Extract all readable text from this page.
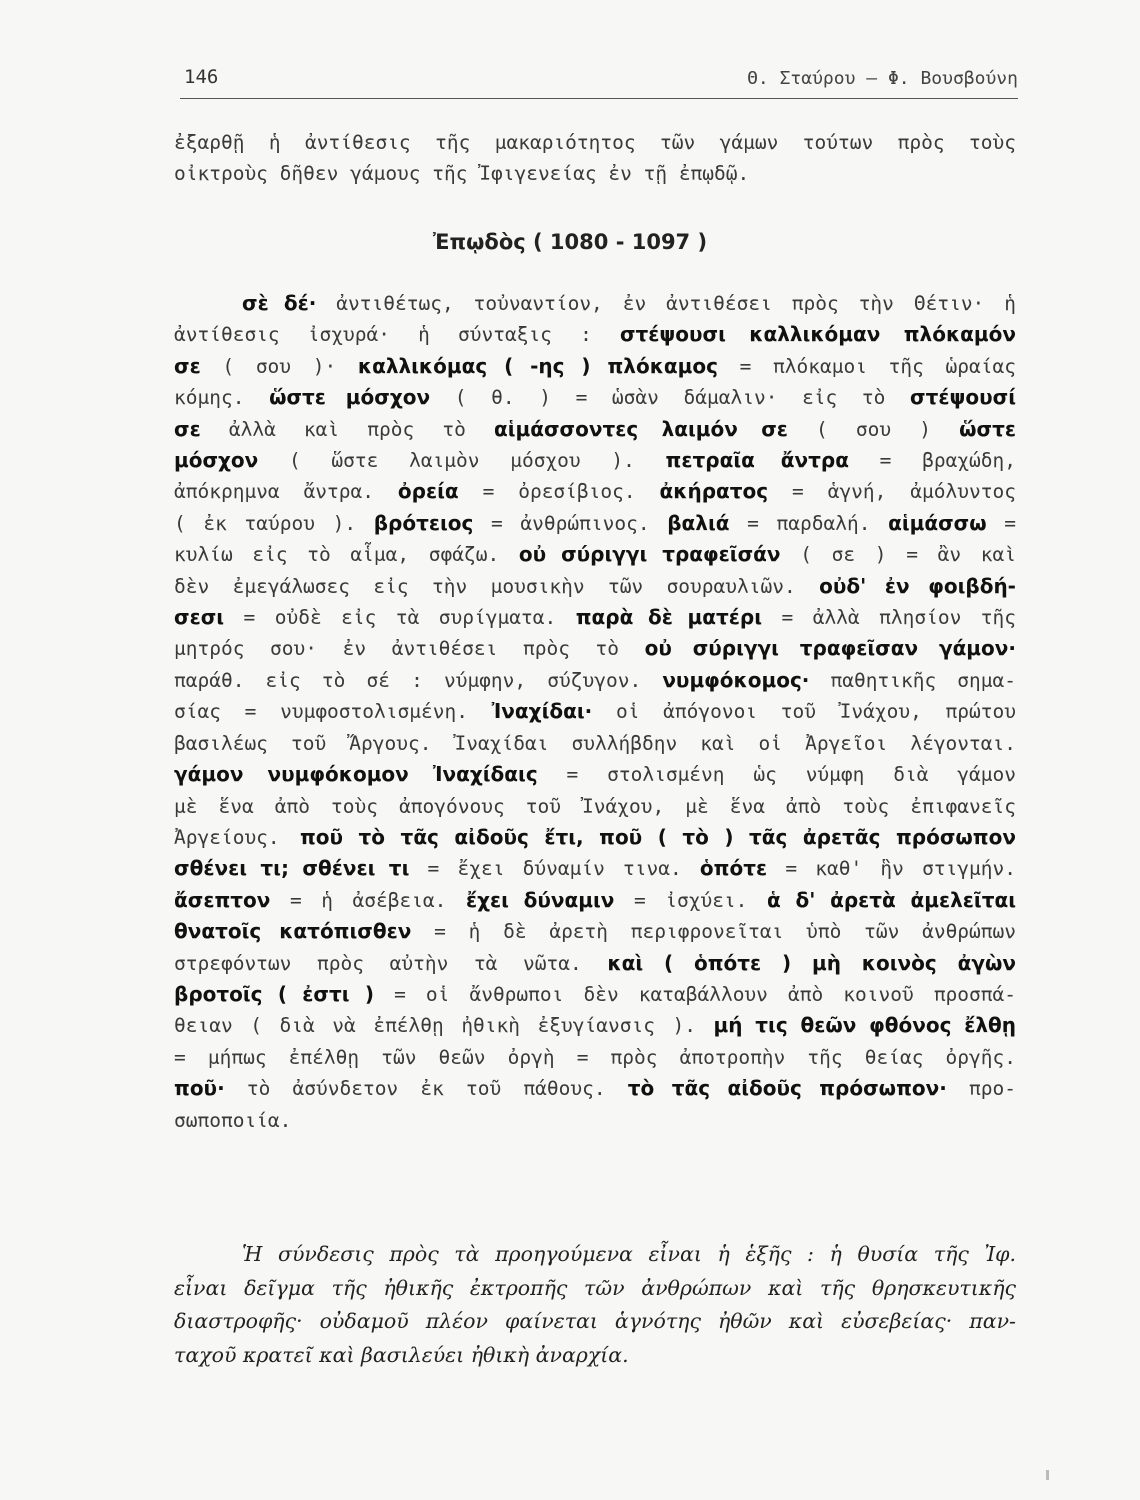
146	Θ. Σταύρου — Φ. Βουσβούνη
ἐξαρθῇ ἡ ἀντίθεσις τῆς μακαριότητος τῶν γάμων τούτων πρὸς τοὺς
οἰκτροὺς δῆθεν γάμους τῆς Ἰφιγενείας ἐν τῇ ἐπῳδῷ.
Ἐπῳδὸς ( 1080 - 1097 )
σὲ δέ· ἀντιθέτως, τοὐναντίον, ἐν ἀντιθέσει πρὸς τὴν Θέτιν· ἡ
ἀντίθεσις ἰσχυρά· ἡ σύνταξις : στέψουσι καλλικόμαν πλόκαμόν
σε ( σου )· καλλικόμας ( -ης ) πλόκαμος = πλόκαμοι τῆς ὡραίας
κόμης. ὥστε μόσχον ( θ. ) = ὡσὰν δάμαλιν· εἰς τὸ στέψουσί
σε ἀλλὰ καὶ πρὸς τὸ αἱμάσσοντες λαιμόν σε ( σου ) ὥστε
μόσχον ( ὥστε λαιμὸν μόσχου ). πετραῖα ἄντρα = βραχώδη,
ἀπόκρημνα ἄντρα. ὀρεία = ὀρεσίβιος. ἀκήρατος = ἁγνή, ἀμόλυντος
( ἐκ ταύρου ). βρότειος = ἀνθρώπινος. βαλιά = παρδαλή. αἱμάσσω =
κυλίω εἰς τὸ αἷμα, σφάζω. οὐ σύριγγι τραφεῖσάν ( σε ) = ἂν καὶ
δὲν ἐμεγάλωσες εἰς τὴν μουσικὴν τῶν σουραυλιῶν. οὐδ' ἐν φοιβδή-
σεσι = οὐδὲ εἰς τὰ συρίγματα. παρὰ δὲ ματέρι = ἀλλὰ πλησίον τῆς
μητρός σου· ἐν ἀντιθέσει πρὸς τὸ οὐ σύριγγι τραφεῖσαν γάμον·
παράθ. εἰς τὸ σέ : νύμφην, σύζυγον. νυμφόκομος· παθητικῆς σημα-
σίας = νυμφοστολισμένη. Ἰναχίδαι· οἱ ἀπόγονοι τοῦ Ἰνάχου, πρώτου
βασιλέως τοῦ Ἄργους. Ἰναχίδαι συλλήβδην καὶ οἱ Ἀργεῖοι λέγονται.
γάμον νυμφόκομον Ἰναχίδαις = στολισμένη ὡς νύμφη διὰ γάμον
μὲ ἕνα ἀπὸ τοὺς ἀπογόνους τοῦ Ἰνάχου, μὲ ἕνα ἀπὸ τοὺς ἐπιφανεῖς
Ἀργείους. ποῦ τὸ τᾶς αἰδοῦς ἔτι, ποῦ ( τὸ ) τᾶς ἀρετᾶς πρόσωπον
σθένει τι; σθένει τι = ἔχει δύναμίν τινα. ὁπότε = καθ' ἣν στιγμήν.
ἄσεπτον = ἡ ἀσέβεια. ἔχει δύναμιν = ἰσχύει. ἁ δ' ἀρετὰ ἀμελεῖται
θνατοῖς κατόπισθεν = ἡ δὲ ἀρετὴ περιφρονεῖται ὑπὸ τῶν ἀνθρώπων
στρεφόντων πρὸς αὐτὴν τὰ νῶτα. καὶ ( ὁπότε ) μὴ κοινὸς ἀγὼν
βροτοῖς ( ἐστι ) = οἱ ἄνθρωποι δὲν καταβάλλουν ἀπὸ κοινοῦ προσπά-
θειαν ( διὰ νὰ ἐπέλθῃ ἠθικὴ ἐξυγίανσις ). μή τις θεῶν φθόνος ἔλθῃ
= μήπως ἐπέλθῃ τῶν θεῶν ὀργὴ = πρὸς ἀποτροπὴν τῆς θείας ὀργῆς.
ποῦ· τὸ ἀσύνδετον ἐκ τοῦ πάθους. τὸ τᾶς αἰδοῦς πρόσωπον· προ-
σωποποιία.
Ἡ σύνδεσις πρὸς τὰ προηγούμενα εἶναι ἡ ἑξῆς : ἡ θυσία τῆς Ἰφ.
εἶναι δεῖγμα τῆς ἠθικῆς ἐκτροπῆς τῶν ἀνθρώπων καὶ τῆς θρησκευτικῆς
διαστροφῆς· οὐδαμοῦ πλέον φαίνεται ἁγνότης ἠθῶν καὶ εὐσεβείας· παν-
ταχοῦ κρατεῖ καὶ βασιλεύει ἠθικὴ ἀναρχία.
